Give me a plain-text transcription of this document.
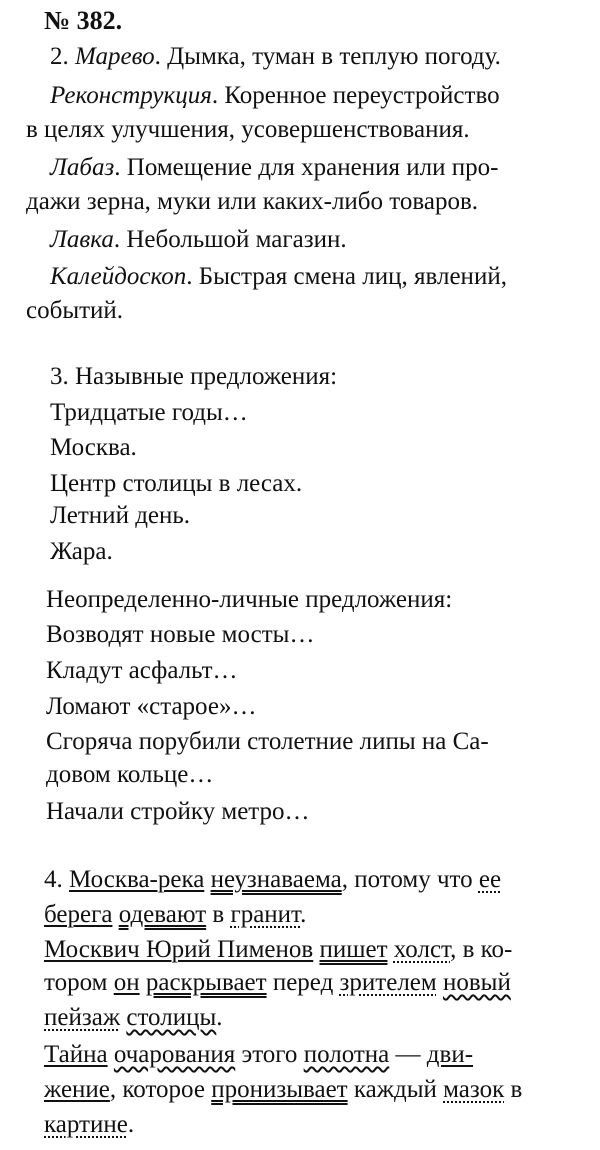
№ 382.
2. Марево. Дымка, туман в теплую погоду.
Реконструкция. Коренное переустройство
в целях улучшения, усовершенствования.
Лабаз. Помещение для хранения или про-
дажи зерна, муки или каких-либо товаров.
Лавка. Небольшой магазин.
Калейдоскоп. Быстрая смена лиц, явлений,
событий.
3. Назывные предложения:
Тридцатые годы…
Москва.
Центр столицы в лесах.
Летний день.
Жара.
Неопределенно-личные предложения:
Возводят новые мосты…
Кладут асфальт…
Ломают «старое»…
Сгоряча порубили столетние липы на Са-
довом кольце…
Начали стройку метро…
4. Москва-река неузнаваема, потому что ее
берега одевают в гранит.
Москвич Юрий Пименов пишет холст, в ко-
тором он раскрывает перед зрителем новый
пейзаж столицы.
Тайна очарования этого полотна — дви-
жение, которое пронизывает каждый мазок в
картине.
